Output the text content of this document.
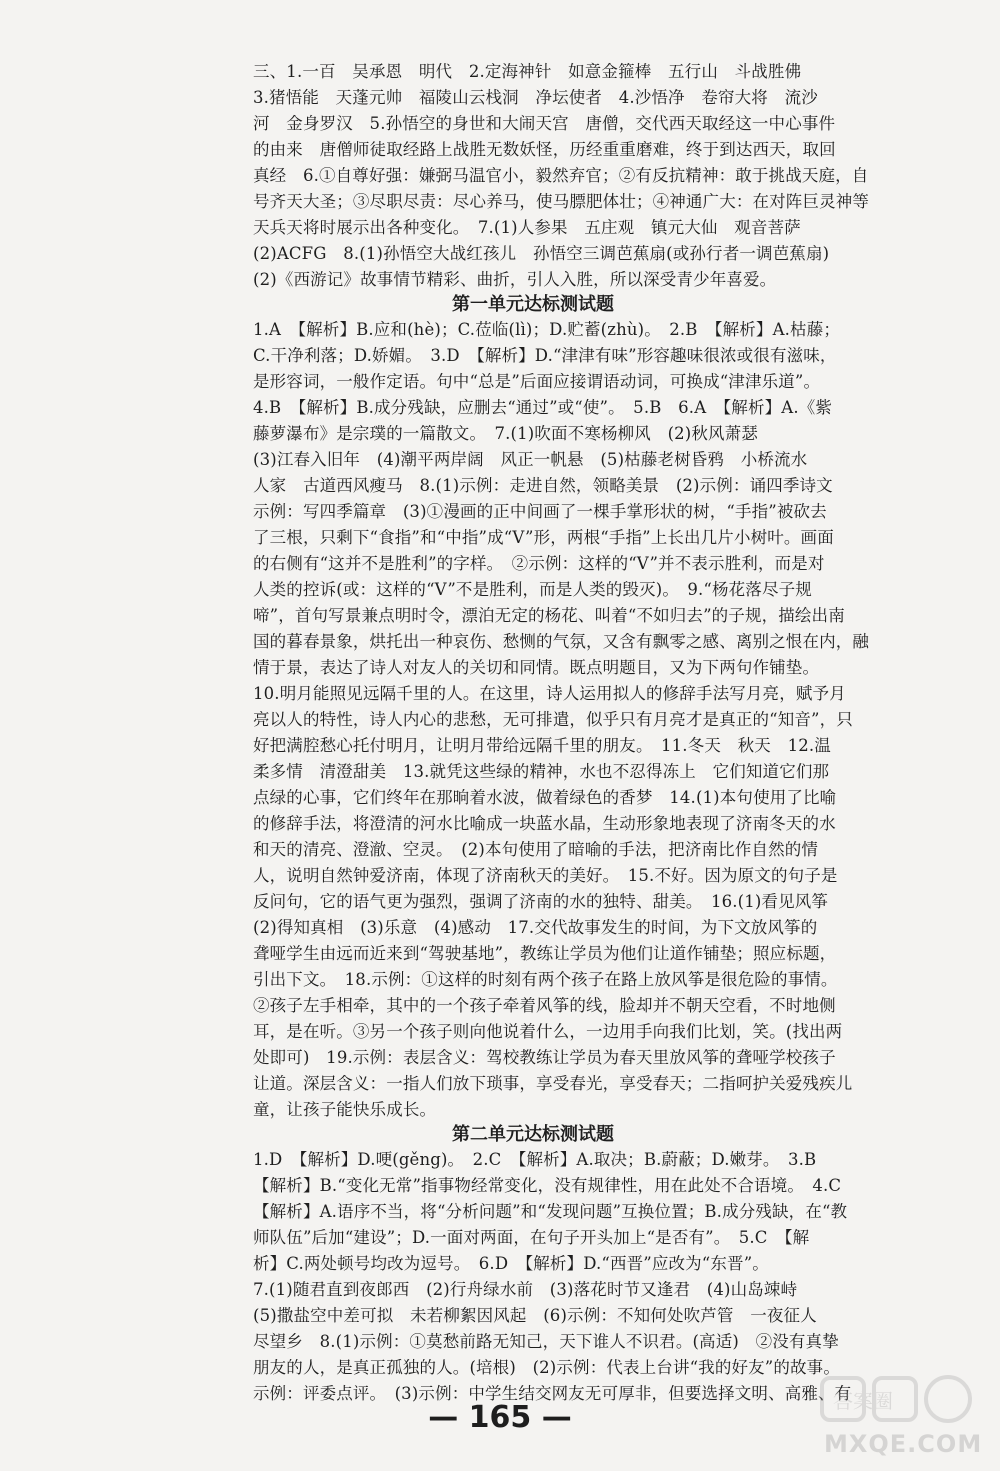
三、1.一百　吴承恩　明代　2.定海神针　如意金箍棒　五行山　斗战胜佛
3.猪悟能　天蓬元帅　福陵山云栈洞　净坛使者　4.沙悟净　卷帘大将　流沙
河　金身罗汉　5.孙悟空的身世和大闹天宫　唐僧，交代西天取经这一中心事件
的由来　唐僧师徒取经路上战胜无数妖怪，历经重重磨难，终于到达西天，取回
真经　6.①自尊好强：嫌弼马温官小，毅然弃官；②有反抗精神：敢于挑战天庭，自
号齐天大圣；③尽职尽责：尽心养马，使马膘肥体壮；④神通广大：在对阵巨灵神等
天兵天将时展示出各种变化。　7.(1)人参果　五庄观　镇元大仙　观音菩萨
(2)ACFG　8.(1)孙悟空大战红孩儿　孙悟空三调芭蕉扇(或孙行者一调芭蕉扇)
(2)《西游记》故事情节精彩、曲折，引人入胜，所以深受青少年喜爱。
第一单元达标测试题
1.A　【解析】B.应和(hè)；C.莅临(lì)；D.贮蓄(zhù)。　2.B　【解析】A.枯藤；
C.干净利落；D.娇媚。　3.D　【解析】D.“津津有味”形容趣味很浓或很有滋味，
是形容词，一般作定语。句中“总是”后面应接谓语动词，可换成“津津乐道”。
4.B　【解析】B.成分残缺，应删去“通过”或“使”。　5.B　6.A　【解析】A.《紫
藤萝瀑布》是宗璞的一篇散文。　7.(1)吹面不寒杨柳风　(2)秋风萧瑟
(3)江春入旧年　(4)潮平两岸阔　风正一帆悬　(5)枯藤老树昏鸦　小桥流水
人家　古道西风瘦马　8.(1)示例：走进自然，领略美景　(2)示例：诵四季诗文
示例：写四季篇章　(3)①漫画的正中间画了一棵手掌形状的树，“手指”被砍去
了三根，只剩下“食指”和“中指”成“V”形，两根“手指”上长出几片小树叶。画面
的右侧有“这并不是胜利”的字样。　②示例：这样的“V”并不表示胜利，而是对
人类的控诉(或：这样的“V”不是胜利，而是人类的毁灭)。　9.“杨花落尽子规
啼”，首句写景兼点明时令，漂泊无定的杨花、叫着“不如归去”的子规，描绘出南
国的暮春景象，烘托出一种哀伤、愁恻的气氛，又含有飘零之感、离别之恨在内，融
情于景，表达了诗人对友人的关切和同情。既点明题目，又为下两句作铺垫。
10.明月能照见远隔千里的人。在这里，诗人运用拟人的修辞手法写月亮，赋予月
亮以人的特性，诗人内心的悲愁，无可排遣，似乎只有月亮才是真正的“知音”，只
好把满腔愁心托付明月，让明月带给远隔千里的朋友。　11.冬天　秋天　12.温
柔多情　清澄甜美　13.就凭这些绿的精神，水也不忍得冻上　它们知道它们那
点绿的心事，它们终年在那晌着水波，做着绿色的香梦　14.(1)本句使用了比喻
的修辞手法，将澄清的河水比喻成一块蓝水晶，生动形象地表现了济南冬天的水
和天的清亮、澄澈、空灵。　(2)本句使用了暗喻的手法，把济南比作自然的情
人，说明自然钟爱济南，体现了济南秋天的美好。　15.不好。因为原文的句子是
反问句，它的语气更为强烈，强调了济南的水的独特、甜美。　16.(1)看见风筝
(2)得知真相　(3)乐意　(4)感动　17.交代故事发生的时间，为下文放风筝的
聋哑学生由远而近来到“驾驶基地”，教练让学员为他们让道作铺垫；照应标题，
引出下文。　18.示例：①这样的时刻有两个孩子在路上放风筝是很危险的事情。
②孩子左手相牵，其中的一个孩子牵着风筝的线，脸却并不朝天空看，不时地侧
耳，是在听。③另一个孩子则向他说着什么，一边用手向我们比划，笑。(找出两
处即可)　19.示例：表层含义：驾校教练让学员为春天里放风筝的聋哑学校孩子
让道。深层含义：一指人们放下琐事，享受春光，享受春天；二指呵护关爱残疾儿
童，让孩子能快乐成长。
第二单元达标测试题
1.D　【解析】D.哽(gěng)。　2.C　【解析】A.取决；B.蔚蔽；D.嫩芽。　3.B
【解析】B.“变化无常”指事物经常变化，没有规律性，用在此处不合语境。　4.C
【解析】A.语序不当，将“分析问题”和“发现问题”互换位置；B.成分残缺，在“教
师队伍”后加“建设”；D.一面对两面，在句子开头加上“是否有”。　5.C　【解
析】C.两处顿号均改为逗号。　6.D　【解析】D.“西晋”应改为“东晋”。
7.(1)随君直到夜郎西　(2)行舟绿水前　(3)落花时节又逢君　(4)山岛竦峙
(5)撒盐空中差可拟　未若柳絮因风起　(6)示例：不知何处吹芦管　一夜征人
尽望乡　8.(1)示例：①莫愁前路无知己，天下谁人不识君。(高适)　②没有真挚
朋友的人，是真正孤独的人。(培根)　(2)示例：代表上台讲“我的好友”的故事。
示例：评委点评。　(3)示例：中学生结交网友无可厚非，但要选择文明、高雅、有
— 165 —	答案圈
MXQE.COM
